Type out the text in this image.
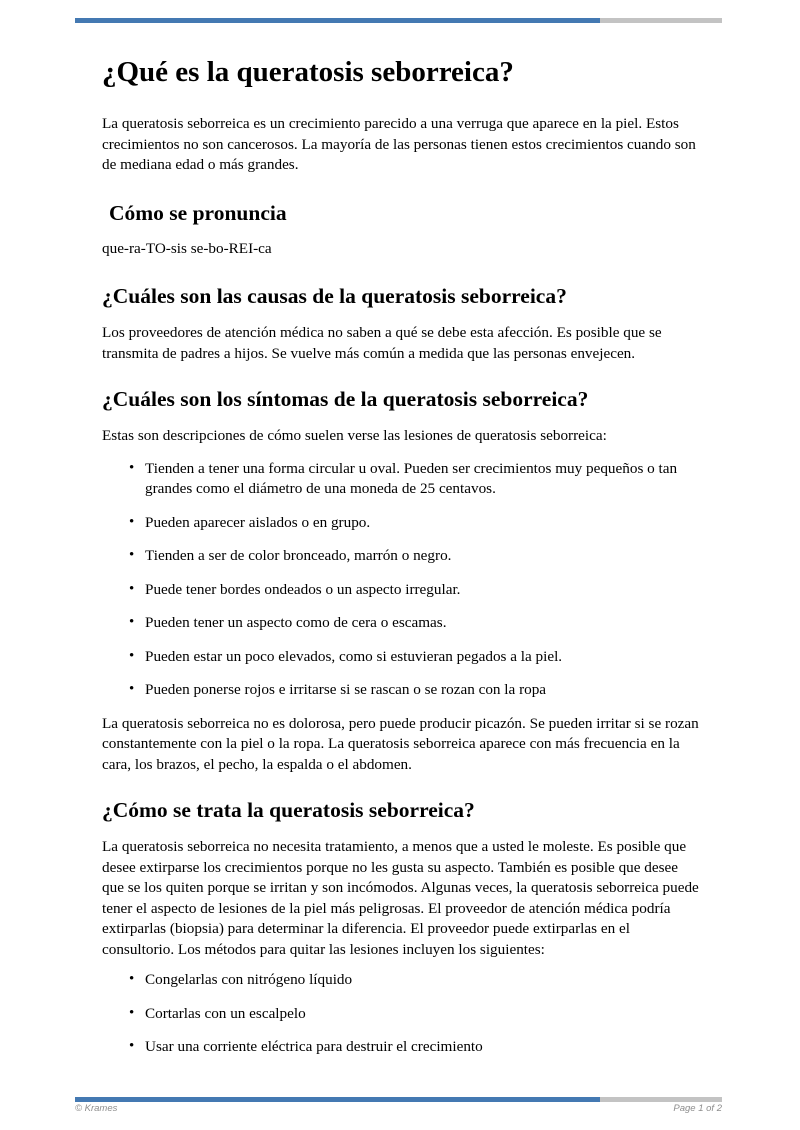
¿Qué es la queratosis seborreica?

La queratosis seborreica es un crecimiento parecido a una verruga que aparece en la piel. Estos crecimientos no son cancerosos. La mayoría de las personas tienen estos crecimientos cuando son de mediana edad o más grandes.

Cómo se pronuncia

que-ra-TO-sis se-bo-REI-ca

¿Cuáles son las causas de la queratosis seborreica?

Los proveedores de atención médica no saben a qué se debe esta afección. Es posible que se transmita de padres a hijos. Se vuelve más común a medida que las personas envejecen.

¿Cuáles son los síntomas de la queratosis seborreica?

Estas son descripciones de cómo suelen verse las lesiones de queratosis seborreica:

• Tienden a tener una forma circular u oval. Pueden ser crecimientos muy pequeños o tan grandes como el diámetro de una moneda de 25 centavos.
• Pueden aparecer aislados o en grupo.
• Tienden a ser de color bronceado, marrón o negro.
• Puede tener bordes ondeados o un aspecto irregular.
• Pueden tener un aspecto como de cera o escamas.
• Pueden estar un poco elevados, como si estuvieran pegados a la piel.
• Pueden ponerse rojos e irritarse si se rascan o se rozan con la ropa

La queratosis seborreica no es dolorosa, pero puede producir picazón. Se pueden irritar si se rozan constantemente con la piel o la ropa. La queratosis seborreica aparece con más frecuencia en la cara, los brazos, el pecho, la espalda o el abdomen.

¿Cómo se trata la queratosis seborreica?

La queratosis seborreica no necesita tratamiento, a menos que a usted le moleste. Es posible que desee extirparse los crecimientos porque no les gusta su aspecto. También es posible que desee que se los quiten porque se irritan y son incómodos. Algunas veces, la queratosis seborreica puede tener el aspecto de lesiones de la piel más peligrosas. El proveedor de atención médica podría extirparlas (biopsia) para determinar la diferencia. El proveedor puede extirparlas en el consultorio. Los métodos para quitar las lesiones incluyen los siguientes:

• Congelarlas con nitrógeno líquido
• Cortarlas con un escalpelo
• Usar una corriente eléctrica para destruir el crecimiento
© Krames	Page 1 of 2
